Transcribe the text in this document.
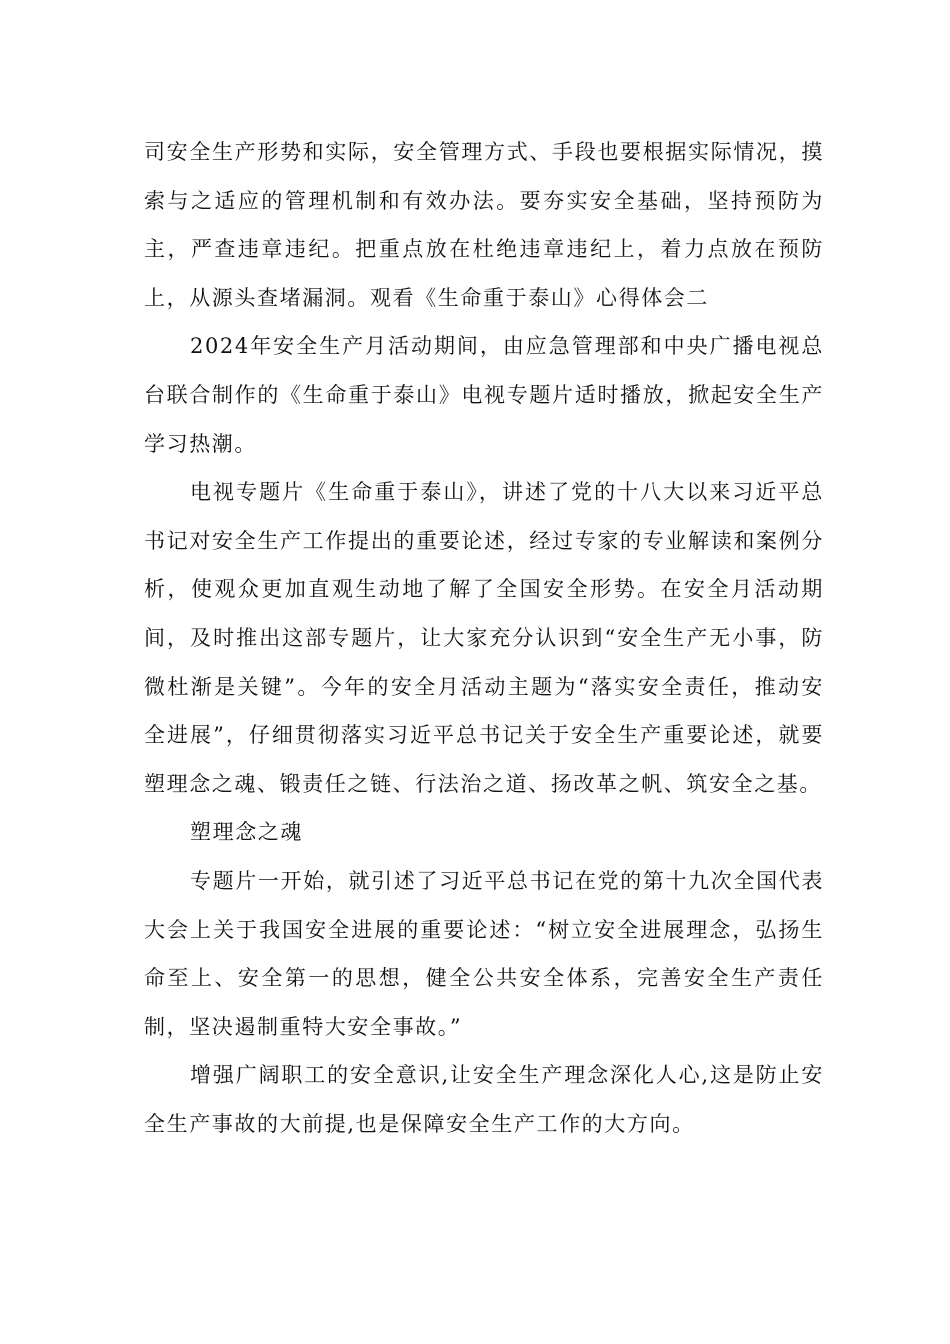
司安全生产形势和实际，安全管理方式、手段也要根据实际情况，摸索与之适应的管理机制和有效办法。要夯实安全基础，坚持预防为主，严查违章违纪。把重点放在杜绝违章违纪上，着力点放在预防上，从源头查堵漏洞。观看《生命重于泰山》心得体会二

2024年安全生产月活动期间，由应急管理部和中央广播电视总台联合制作的《生命重于泰山》电视专题片适时播放，掀起安全生产学习热潮。

电视专题片《生命重于泰山》，讲述了党的十八大以来习近平总书记对安全生产工作提出的重要论述，经过专家的专业解读和案例分析，使观众更加直观生动地了解了全国安全形势。在安全月活动期间，及时推出这部专题片，让大家充分认识到“安全生产无小事，防微杜渐是关键”。今年的安全月活动主题为“落实安全责任，推动安全进展”，仔细贯彻落实习近平总书记关于安全生产重要论述，就要塑理念之魂、锻责任之链、行法治之道、扬改革之帆、筑安全之基。

塑理念之魂

专题片一开始，就引述了习近平总书记在党的第十九次全国代表大会上关于我国安全进展的重要论述：“树立安全进展理念，弘扬生命至上、安全第一的思想，健全公共安全体系，完善安全生产责任制，坚决遏制重特大安全事故。”

增强广阔职工的安全意识,让安全生产理念深化人心,这是防止安全生产事故的大前提,也是保障安全生产工作的大方向。
